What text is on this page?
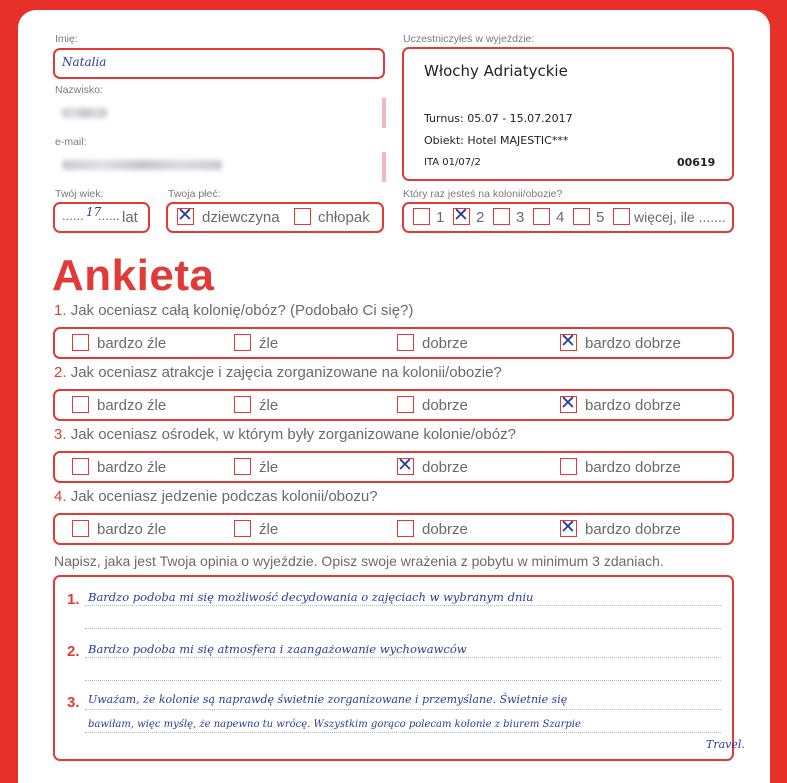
Imię:
Natalia
Nazwisko:
e-mail:
Twój wiek:
...... 17
...... lat
Twoja płeć:
✕ dziewczyna	chłopak
Uczestniczyłeś w wyjeździe:
Włochy Adriatyckie
Turnus: 05.07 - 15.07.2017
Obiekt: Hotel MAJESTIC***
ITA 01/07/2	00619
Który raz jesteś na kolonii/obozie?
1 ✕ 2 3 4 5 więcej, ile .......
Ankieta
1. Jak oceniasz całą kolonię/obóz? (Podobało Ci się?)
bardzo źle	źle	dobrze	✕ bardzo dobrze
2. Jak oceniasz atrakcje i zajęcia zorganizowane na kolonii/obozie?
bardzo źle	źle	dobrze	✕ bardzo dobrze
3. Jak oceniasz ośrodek, w którym były zorganizowane kolonie/obóz?
bardzo źle	źle	✕ dobrze	bardzo dobrze
4. Jak oceniasz jedzenie podczas kolonii/obozu?
bardzo źle	źle	dobrze	✕ bardzo dobrze
Napisz, jaka jest Twoja opinia o wyjeździe. Opisz swoje wrażenia z pobytu w minimum 3 zdaniach.
1. Bardzo podoba mi się możliwość decydowania o zajęciach w wybranym dniu
2. Bardzo podoba mi się atmosfera i zaangażowanie wychowawców
3. Uważam, że kolonie są naprawdę świetnie zorganizowane i przemyślane. Świetnie się
bawiłam, więc myślę, że napewno tu wrócę. Wszystkim gorąco polecam kolonie z biurem Szarpie
Travel.
